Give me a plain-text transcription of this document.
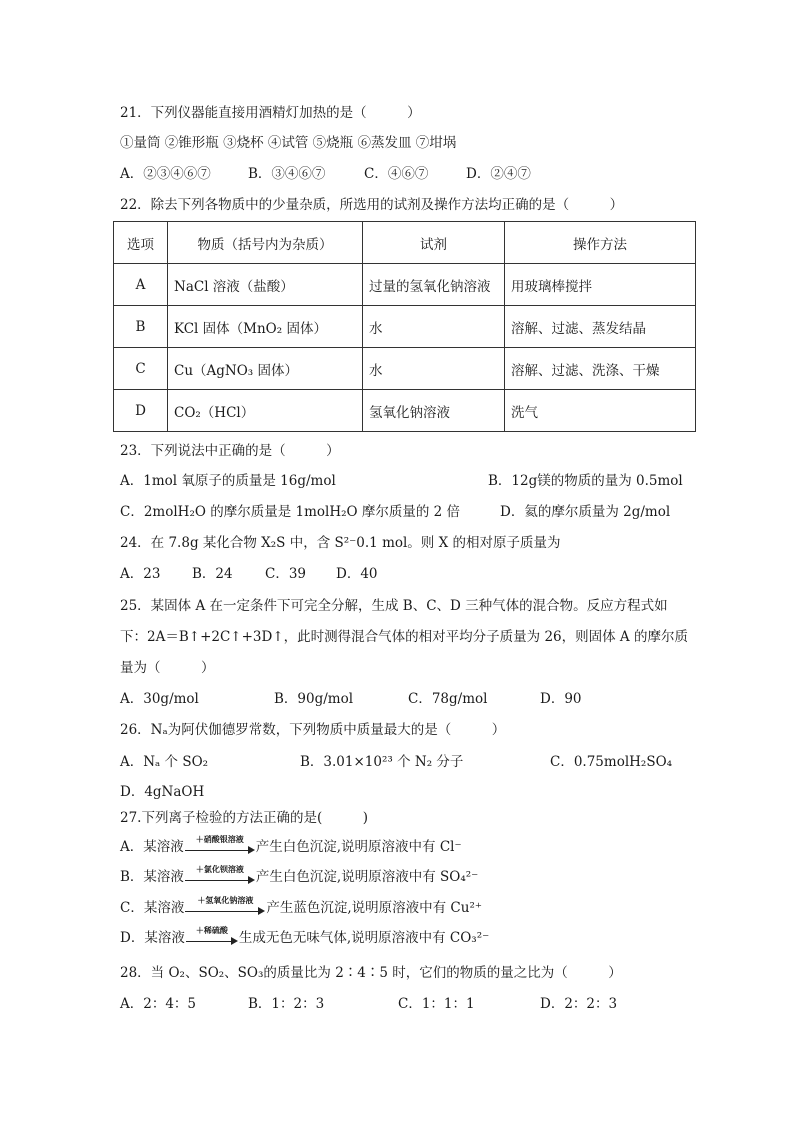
21．下列仪器能直接用酒精灯加热的是（　　　）
①量筒 ②锥形瓶 ③烧杯 ④试管 ⑤烧瓶 ⑥蒸发皿 ⑦坩埚
A．②③④⑥⑦	B．③④⑥⑦	C．④⑥⑦	D．②④⑦
22．除去下列各物质中的少量杂质，所选用的试剂及操作方法均正确的是（　　　）
选项	物质（括号内为杂质）	试剂	操作方法
A	NaCl 溶液（盐酸）	过量的氢氧化钠溶液	用玻璃棒搅拌
B	KCl 固体（MnO₂ 固体）	水	溶解、过滤、蒸发结晶
C	Cu（AgNO₃ 固体）	水	溶解、过滤、洗涤、干燥
D	CO₂（HCl）	氢氧化钠溶液	洗气
23．下列说法中正确的是（　　　）
A．1mol 氧原子的质量是 16g/mol	B．12g镁的物质的量为 0.5mol
C．2molH₂O 的摩尔质量是 1molH₂O 摩尔质量的 2 倍	D．氦的摩尔质量为 2g/mol
24．在 7.8g 某化合物 X₂S 中，含 S²⁻0.1 mol。则 X 的相对原子质量为
A．23 B．24 C．39 D．40
25．某固体 A 在一定条件下可完全分解，生成 B、C、D 三种气体的混合物。反应方程式如
下：2A＝B↑+2C↑+3D↑，此时测得混合气体的相对平均分子质量为 26，则固体 A 的摩尔质
量为（　　　）
A．30g/mol	B．90g/mol	C．78g/mol	D．90
26．Nₐ为阿伏伽德罗常数，下列物质中质量最大的是（　　　）
A．Nₐ 个 SO₂	B．3.01×10²³ 个 N₂ 分子	C．0.75molH₂SO₄
D．4gNaOH
27.下列离子检验的方法正确的是(　　　)
A．某溶液
＋硝酸银溶液
产生白色沉淀,说明原溶液中有 Cl⁻
B．某溶液
＋氯化钡溶液
产生白色沉淀,说明原溶液中有 SO₄²⁻
C．某溶液
＋氢氧化钠溶液
产生蓝色沉淀,说明原溶液中有 Cu²⁺
D．某溶液
＋稀硫酸
生成无色无味气体,说明原溶液中有 CO₃²⁻
28．当 O₂、SO₂、SO₃的质量比为 2∶4∶5 时，它们的物质的量之比为（　　　）
A．2：4：5	B．1：2：3	C．1：1：1	D．2：2：3
